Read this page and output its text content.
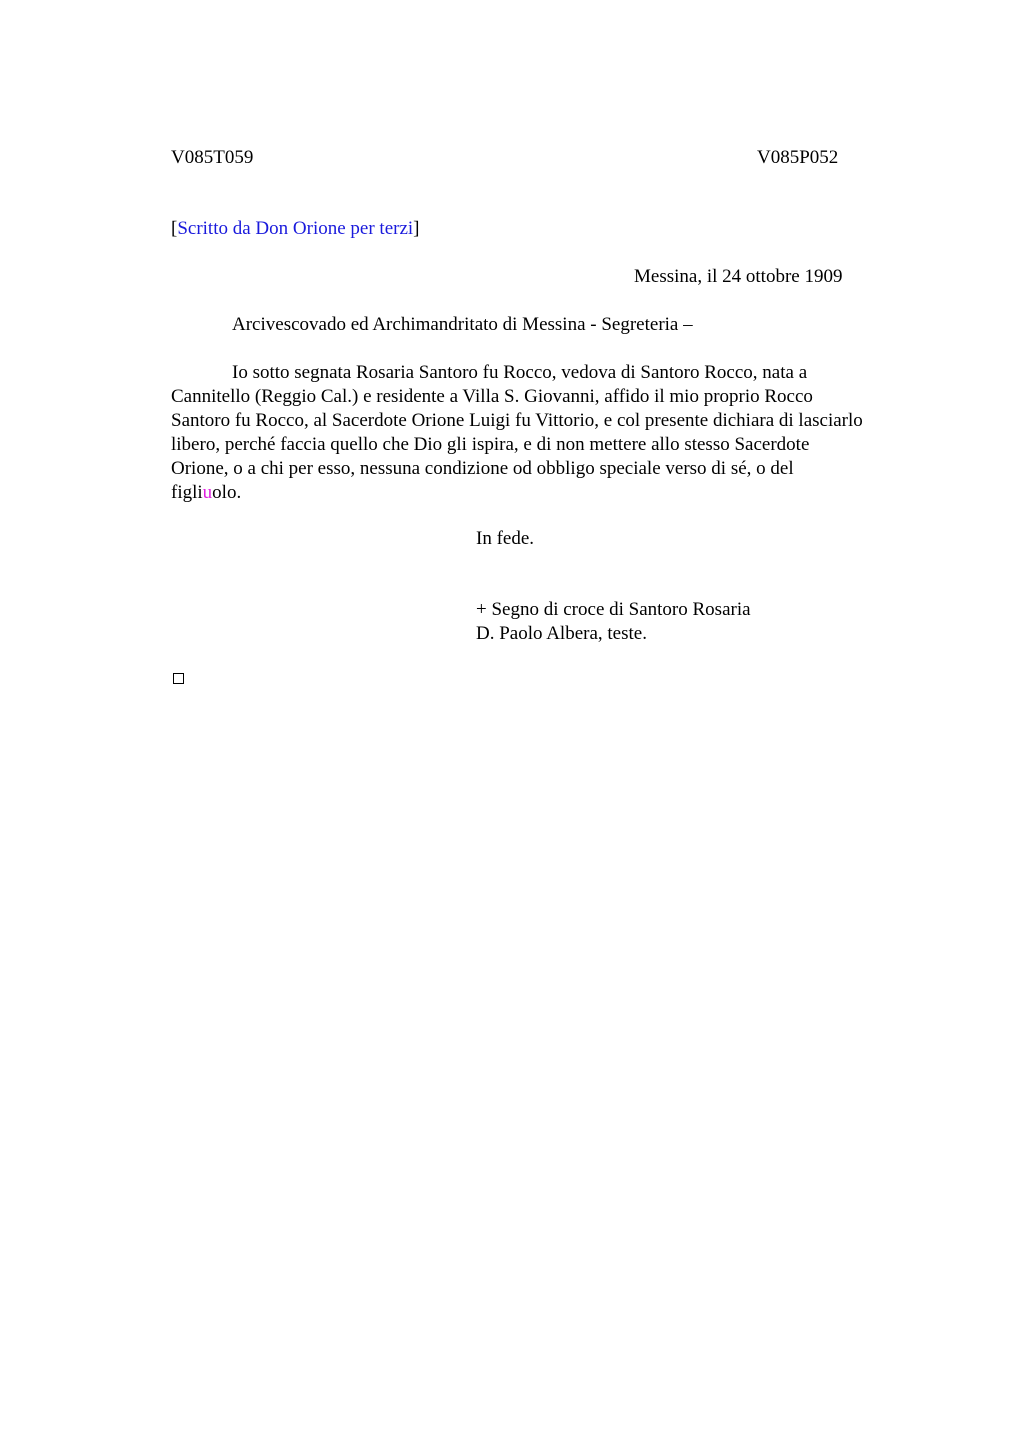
V085T059	V085P052
[Scritto da Don Orione per terzi]
Messina, il 24 ottobre 1909
Arcivescovado ed Archimandritato di Messina - Segreteria –
Io sotto segnata Rosaria Santoro fu Rocco, vedova di Santoro Rocco, nata a
Cannitello (Reggio Cal.) e residente a Villa S. Giovanni, affido il mio proprio Rocco
Santoro fu Rocco, al Sacerdote Orione Luigi fu Vittorio, e col presente dichiara di lasciarlo
libero, perché faccia quello che Dio gli ispira, e di non mettere allo stesso Sacerdote
Orione, o a chi per esso, nessuna condizione od obbligo speciale verso di sé, o del
figliuolo.
In fede.
+ Segno di croce di Santoro Rosaria
D. Paolo Albera, teste.
